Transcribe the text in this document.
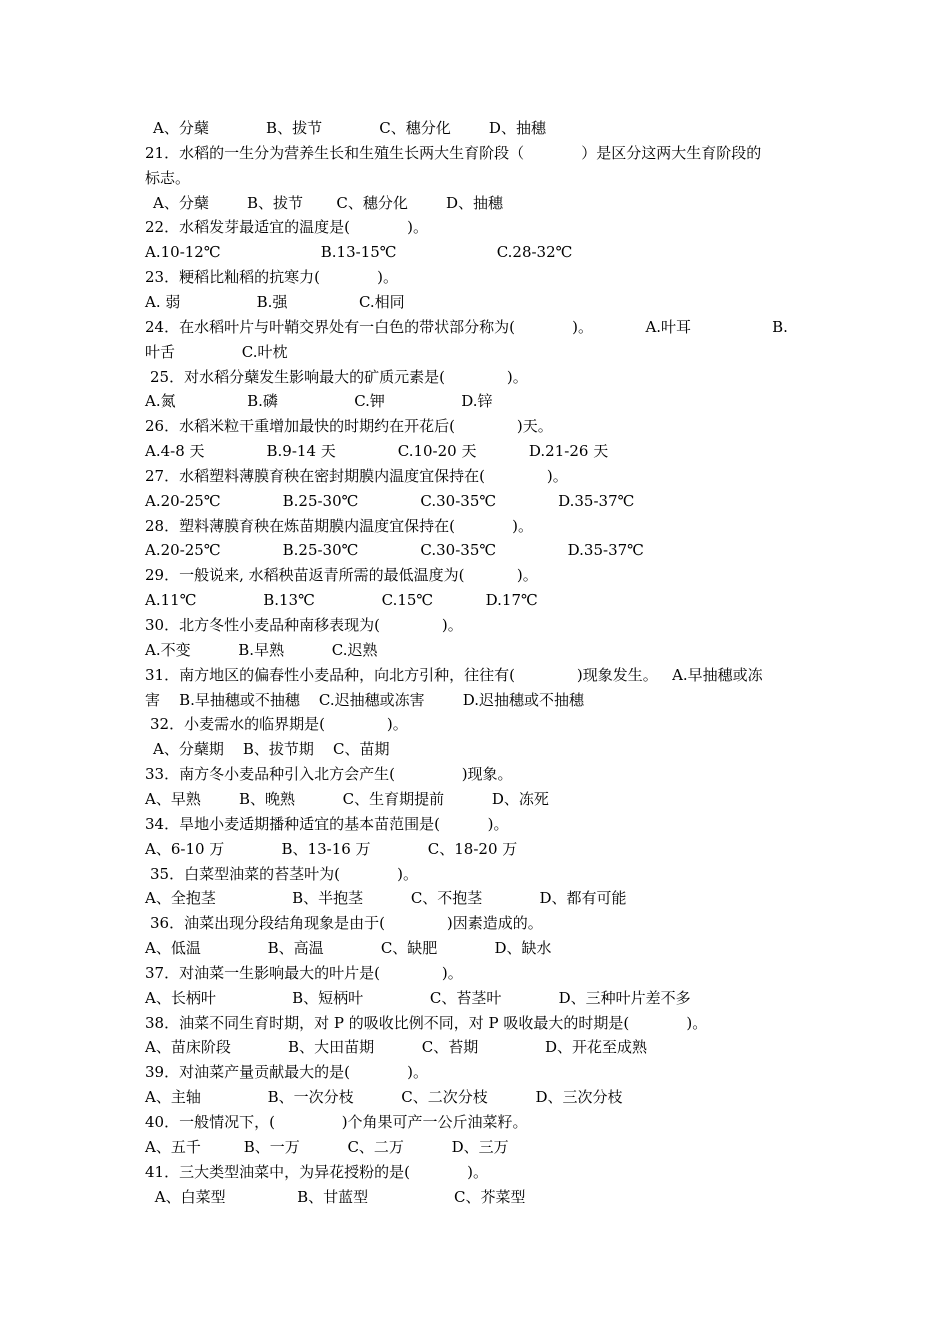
A、分蘖            B、拔节            C、穗分化        D、抽穗

21．水稻的一生分为营养生长和生殖生长两大生育阶段（            ）是区分这两大生育阶段的

标志。

A、分蘖        B、拔节       C、穗分化        D、抽穗

22．水稻发芽最适宜的温度是(            )。

A.10-12℃                     B.13-15℃                     C.28-32℃

23．粳稻比籼稻的抗寒力(            )。

A. 弱                B.强               C.相同

24．在水稻叶片与叶鞘交界处有一白色的带状部分称为(            )。           A.叶耳                 B.

叶舌              C.叶枕

25．对水稻分蘖发生影响最大的矿质元素是(             )。

A.氮               B.磷                C.钾                D.锌

26．水稻米粒干重增加最快的时期约在开花后(             )天。

A.4-8 天             B.9-14 天             C.10-20 天           D.21-26 天

27．水稻塑料薄膜育秧在密封期膜内温度宜保持在(             )。

A.20-25℃             B.25-30℃             C.30-35℃             D.35-37℃

28．塑料薄膜育秧在炼苗期膜内温度宜保持在(            )。

A.20-25℃             B.25-30℃             C.30-35℃               D.35-37℃

29．一般说来, 水稻秧苗返青所需的最低温度为(           )。

A.11℃              B.13℃              C.15℃           D.17℃

30．北方冬性小麦品种南移表现为(             )。

A.不变          B.早熟          C.迟熟

31．南方地区的偏春性小麦品种，向北方引种，往往有(             )现象发生。   A.早抽穗或冻

害    B.早抽穗或不抽穗    C.迟抽穗或冻害        D.迟抽穗或不抽穗

32．小麦需水的临界期是(             )。

A、分蘖期    B、拔节期    C、苗期

33．南方冬小麦品种引入北方会产生(              )现象。

A、早熟        B、晚熟          C、生育期提前          D、冻死

34．旱地小麦适期播种适宜的基本苗范围是(          )。

A、6-10 万            B、13-16 万            C、18-20 万

35．白菜型油菜的苔茎叶为(            )。

A、全抱茎                B、半抱茎          C、不抱茎            D、都有可能

36．油菜出现分段结角现象是由于(             )因素造成的。

A、低温              B、高温            C、缺肥            D、缺水

37．对油菜一生影响最大的叶片是(             )。

A、长柄叶                B、短柄叶              C、苔茎叶            D、三种叶片差不多

38．油菜不同生育时期，对 P 的吸收比例不同，对 P 吸收最大的时期是(            )。

A、苗床阶段            B、大田苗期          C、苔期              D、开花至成熟

39．对油菜产量贡献最大的是(            )。

A、主轴              B、一次分枝          C、二次分枝          D、三次分枝

40．一般情况下，(              )个角果可产一公斤油菜籽。

A、五千         B、一万          C、二万          D、三万

41．三大类型油菜中，为异花授粉的是(            )。

A、白菜型               B、甘蓝型                  C、芥菜型
